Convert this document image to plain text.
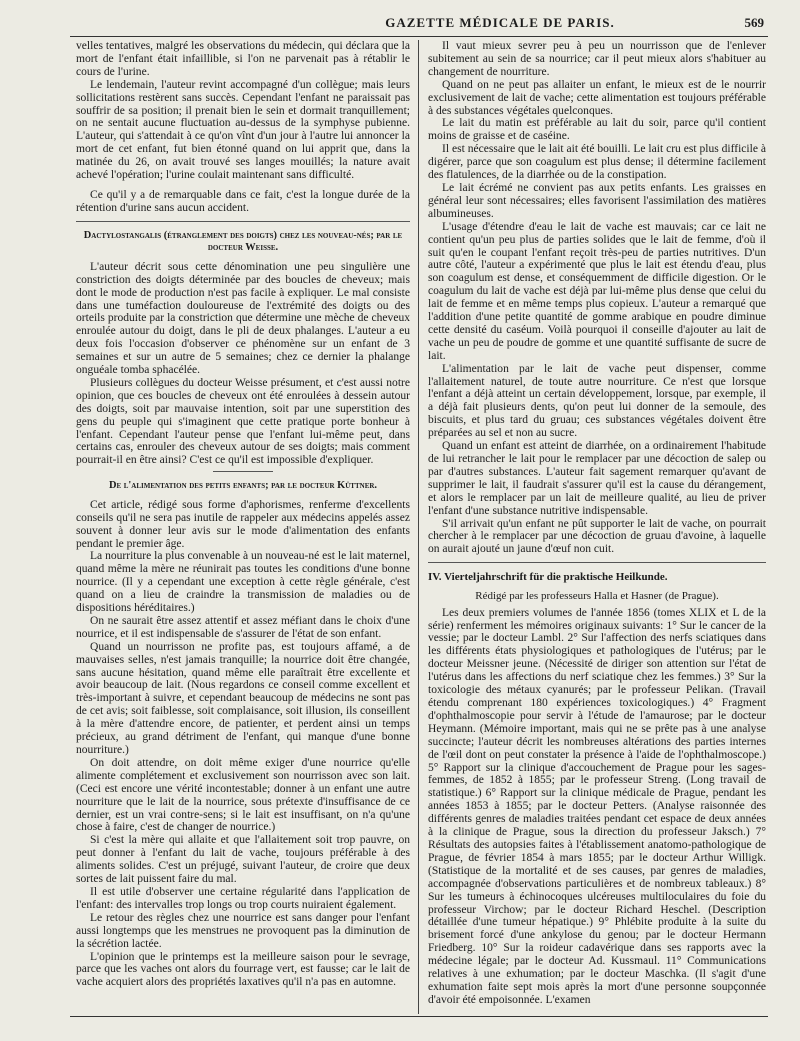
GAZETTE MÉDICALE DE PARIS.	569

velles tentatives, malgré les observations du médecin, qui déclara que la mort de l'enfant était infaillible, si l'on ne parvenait pas à rétablir le cours de l'urine.

Le lendemain, l'auteur revint accompagné d'un collègue; mais leurs sollicitations restèrent sans succès. Cependant l'enfant ne paraissait pas souffrir de sa position; il prenait bien le sein et dormait tranquillement; on ne sentait aucune fluctuation au-dessus de la symphyse pubienne. L'auteur, qui s'attendait à ce qu'on vînt d'un jour à l'autre lui annoncer la mort de cet enfant, fut bien étonné quand on lui apprit que, dans la matinée du 26, on avait trouvé ses langes mouillés; la nature avait achevé l'opération; l'urine coulait maintenant sans difficulté.

Ce qu'il y a de remarquable dans ce fait, c'est la longue durée de la rétention d'urine sans aucun accident.

Dactylostangalis (étranglement des doigts) chez les nouveau-nés; par le docteur Weisse.

L'auteur décrit sous cette dénomination une peu singulière une constriction des doigts déterminée par des boucles de cheveux; mais dont le mode de production n'est pas facile à expliquer. Le mal consiste dans une tuméfaction douloureuse de l'extrémité des doigts ou des orteils produite par la constriction que détermine une mèche de cheveux enroulée autour du doigt, dans le pli de deux phalanges. L'auteur a eu deux fois l'occasion d'observer ce phénomène sur un enfant de 3 semaines et sur un autre de 5 semaines; chez ce dernier la phalange onguéale tomba sphacélée.

Plusieurs collègues du docteur Weisse présument, et c'est aussi notre opinion, que ces boucles de cheveux ont été enroulées à dessein autour des doigts, soit par mauvaise intention, soit par une superstition des gens du peuple qui s'imaginent que cette pratique porte bonheur à l'enfant. Cependant l'auteur pense que l'enfant lui-même peut, dans certains cas, enrouler des cheveux autour de ses doigts; mais comment pourrait-il en être ainsi? C'est ce qu'il est impossible d'expliquer.

De l'alimentation des petits enfants; par le docteur Küttner.

Cet article, rédigé sous forme d'aphorismes, renferme d'excellents conseils qu'il ne sera pas inutile de rappeler aux médecins appelés assez souvent à donner leur avis sur le mode d'alimentation des enfants pendant le premier âge.

La nourriture la plus convenable à un nouveau-né est le lait maternel, quand même la mère ne réunirait pas toutes les conditions d'une bonne nourrice. (Il y a cependant une exception à cette règle générale, c'est quand on a lieu de craindre la transmission de maladies ou de dispositions héréditaires.)

On ne saurait être assez attentif et assez méfiant dans le choix d'une nourrice, et il est indispensable de s'assurer de l'état de son enfant.

Quand un nourrisson ne profite pas, est toujours affamé, a de mauvaises selles, n'est jamais tranquille; la nourrice doit être changée, sans aucune hésitation, quand même elle paraîtrait être excellente et avoir beaucoup de lait. (Nous regardons ce conseil comme excellent et très-important à suivre, et cependant beaucoup de médecins ne sont pas de cet avis; soit faiblesse, soit complaisance, soit illusion, ils conseillent à la mère d'attendre encore, de patienter, et perdent ainsi un temps précieux, au grand détriment de l'enfant, qui manque d'une bonne nourriture.)

On doit attendre, on doit même exiger d'une nourrice qu'elle alimente complétement et exclusivement son nourrisson avec son lait. (Ceci est encore une vérité incontestable; donner à un enfant une autre nourriture que le lait de la nourrice, sous prétexte d'insuffisance de ce dernier, est un vrai contre-sens; si le lait est insuffisant, on n'a qu'une chose à faire, c'est de changer de nourrice.)

Si c'est la mère qui allaite et que l'allaitement soit trop pauvre, on peut donner à l'enfant du lait de vache, toujours préférable à des aliments solides. C'est un préjugé, suivant l'auteur, de croire que deux sortes de lait puissent faire du mal.

Il est utile d'observer une certaine régularité dans l'application de l'enfant: des intervalles trop longs ou trop courts nuiraient également.

Le retour des règles chez une nourrice est sans danger pour l'enfant aussi longtemps que les menstrues ne provoquent pas la diminution de la sécrétion lactée.

L'opinion que le printemps est la meilleure saison pour le sevrage, parce que les vaches ont alors du fourrage vert, est fausse; car le lait de vache acquiert alors des propriétés laxatives qu'il n'a pas en automne.

Il vaut mieux sevrer peu à peu un nourrisson que de l'enlever subitement au sein de sa nourrice; car il peut mieux alors s'habituer au changement de nourriture.

Quand on ne peut pas allaiter un enfant, le mieux est de le nourrir exclusivement de lait de vache; cette alimentation est toujours préférable à des substances végétales quelconques.

Le lait du matin est préférable au lait du soir, parce qu'il contient moins de graisse et de caséine.

Il est nécessaire que le lait ait été bouilli. Le lait cru est plus difficile à digérer, parce que son coagulum est plus dense; il détermine facilement des flatulences, de la diarrhée ou de la constipation.

Le lait écrémé ne convient pas aux petits enfants. Les graisses en général leur sont nécessaires; elles favorisent l'assimilation des matières albumineuses.

L'usage d'étendre d'eau le lait de vache est mauvais; car ce lait ne contient qu'un peu plus de parties solides que le lait de femme, d'où il suit qu'en le coupant l'enfant reçoit très-peu de parties nutritives. D'un autre côté, l'auteur a expérimenté que plus le lait est étendu d'eau, plus son coagulum est dense, et conséquemment de difficile digestion. Or le coagulum du lait de vache est déjà par lui-même plus dense que celui du lait de femme et en même temps plus copieux. L'auteur a remarqué que l'addition d'une petite quantité de gomme arabique en poudre diminue cette densité du caséum. Voilà pourquoi il conseille d'ajouter au lait de vache un peu de poudre de gomme et une quantité suffisante de sucre de lait.

L'alimentation par le lait de vache peut dispenser, comme l'allaitement naturel, de toute autre nourriture. Ce n'est que lorsque l'enfant a déjà atteint un certain développement, lorsque, par exemple, il a déjà fait plusieurs dents, qu'on peut lui donner de la semoule, des biscuits, et plus tard du gruau; ces substances végétales doivent être préparées au sel et non au sucre.

Quand un enfant est atteint de diarrhée, on a ordinairement l'habitude de lui retrancher le lait pour le remplacer par une décoction de salep ou par d'autres substances. L'auteur fait sagement remarquer qu'avant de supprimer le lait, il faudrait s'assurer qu'il est la cause du dérangement, et alors le remplacer par un lait de meilleure qualité, au lieu de priver l'enfant d'une substance nutritive indispensable.

S'il arrivait qu'un enfant ne pût supporter le lait de vache, on pourrait chercher à le remplacer par une décoction de gruau d'avoine, à laquelle on aurait ajouté un jaune d'œuf non cuit.

IV. Vierteljahrschrift für die praktische Heilkunde.
Rédigé par les professeurs Halla et Hasner (de Prague).

Les deux premiers volumes de l'année 1856 (tomes XLIX et L de la série) renferment les mémoires originaux suivants: 1° Sur le cancer de la vessie; par le docteur Lambl. 2° Sur l'affection des nerfs sciatiques dans les différents états physiologiques et pathologiques de l'utérus; par le docteur Meissner jeune. (Nécessité de diriger son attention sur l'état de l'utérus dans les affections du nerf sciatique chez les femmes.) 3° Sur la toxicologie des métaux cyanurés; par le professeur Pelikan. (Travail étendu comprenant 180 expériences toxicologiques.) 4° Fragment d'ophthalmoscopie pour servir à l'étude de l'amaurose; par le docteur Heymann. (Mémoire important, mais qui ne se prête pas à une analyse succincte; l'auteur décrit les nombreuses altérations des parties internes de l'œil dont on peut constater la présence à l'aide de l'ophthalmoscope.) 5° Rapport sur la clinique d'accouchement de Prague pour les sages-femmes, de 1852 à 1855; par le professeur Streng. (Long travail de statistique.) 6° Rapport sur la clinique médicale de Prague, pendant les années 1853 à 1855; par le docteur Petters. (Analyse raisonnée des différents genres de maladies traitées pendant cet espace de deux années à la clinique de Prague, sous la direction du professeur Jaksch.) 7° Résultats des autopsies faites à l'établissement anatomo-pathologique de Prague, de février 1854 à mars 1855; par le docteur Arthur Willigk. (Statistique de la mortalité et de ses causes, par genres de maladies, accompagnée d'observations particulières et de nombreux tableaux.) 8° Sur les tumeurs à échinocoques ulcéreuses multiloculaires du foie du professeur Virchow; par le docteur Richard Heschel. (Description détaillée d'une tumeur hépatique.) 9° Phlébite produite à la suite du brisement forcé d'une ankylose du genou; par le docteur Hermann Friedberg. 10° Sur la roideur cadavérique dans ses rapports avec la médecine légale; par le docteur Ad. Kussmaul. 11° Communications relatives à une exhumation; par le docteur Maschka. (Il s'agit d'une exhumation faite sept mois après la mort d'une personne soupçonnée d'avoir été empoisonnée. L'examen
